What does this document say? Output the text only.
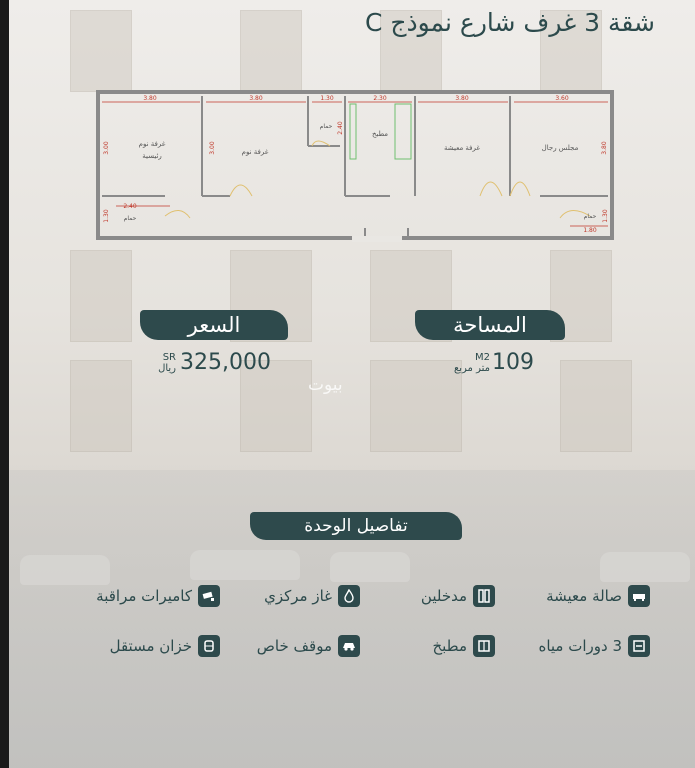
شقة 3 غرف شارع نموذج C
غرفة نوم
رئيسية	غرفة نوم
حمام
مطبخ
غرفة معيشة	مجلس رجال
حمام	حمام
3.80	3.80	1.30	2.30	3.80	3.60
3.00	3.00	3.80
2.40
2.40
1.30	1.30
1.80
السعر
325,000
SR
ريال
المساحة
109
M2
متر مربع
بيوت
تفاصيل الوحدة
صالة معيشة
مدخلين
غاز مركزي
كاميرات مراقبة
3 دورات مياه
مطبخ
موقف خاص
خزان مستقل
